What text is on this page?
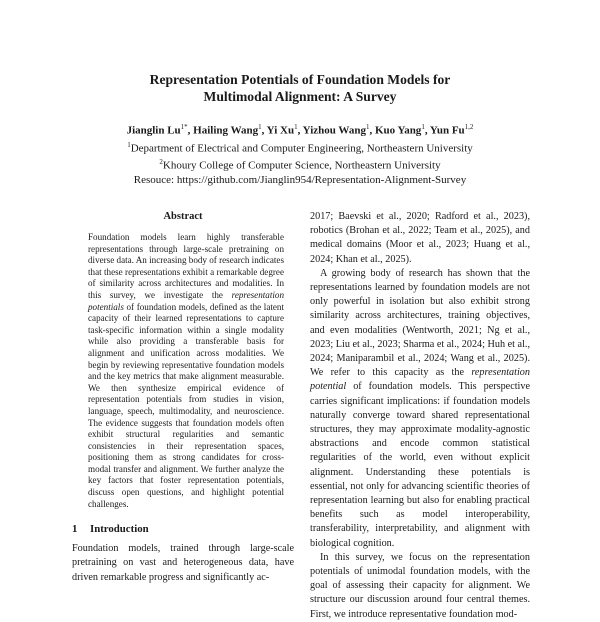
Representation Potentials of Foundation Models for
Multimodal Alignment: A Survey
Jianglin $Lu^{1*}$, Hailing Wang$^1$, Yi Xu$^1$, Yizhou Wang$^1$, Kuo Yang$^1$, Yun Fu$^{1,2}$
$^1$Department of Electrical and Computer Engineering, Northeastern University
$^2$Khoury College of Computer Science, Northeastern University
Resouce: https://github.com/Jianglin954/Representation-Alignment-Survey
Abstract

Foundation models learn highly transferable representations through large-scale pretraining on diverse data. An increasing body of research indicates that these representations exhibit a remarkable degree of similarity across architectures and modalities. In this survey, we investigate the representation potentials of foundation models, defined as the latent capacity of their learned representations to capture task-specific information within a single modality while also providing a transferable basis for alignment and unification across modalities. We begin by reviewing representative foundation models and the key metrics that make alignment measurable. We then synthesize empirical evidence of representation potentials from studies in vision, language, speech, multimodality, and neuroscience. The evidence suggests that foundation models often exhibit structural regularities and semantic consistencies in their representation spaces, positioning them as strong candidates for cross-modal transfer and alignment. We further analyze the key factors that foster representation potentials, discuss open questions, and highlight potential challenges.

1 Introduction

Foundation models, trained through large-scale pretraining on vast and heterogeneous data, have driven remarkable progress and significantly ac-

2017; Baevski et al., 2020; Radford et al., 2023), robotics (Brohan et al., 2022; Team et al., 2025), and medical domains (Moor et al., 2023; Huang et al., 2024; Khan et al., 2025).

A growing body of research has shown that the representations learned by foundation models are not only powerful in isolation but also exhibit strong similarity across architectures, training objectives, and even modalities (Wentworth, 2021; Ng et al., 2023; Liu et al., 2023; Sharma et al., 2024; Huh et al., 2024; Maniparambil et al., 2024; Wang et al., 2025). We refer to this capacity as the representation potential of foundation models. This perspective carries significant implications: if foundation models naturally converge toward shared representational structures, they may approximate modality-agnostic abstractions and encode common statistical regularities of the world, even without explicit alignment. Understanding these potentials is essential, not only for advancing scientific theories of representation learning but also for enabling practical benefits such as model interoperability, transferability, interpretability, and alignment with biological cognition.

In this survey, we focus on the representation potentials of unimodal foundation models, with the goal of assessing their capacity for alignment. We structure our discussion around four central themes. First, we introduce representative foundation mod-
